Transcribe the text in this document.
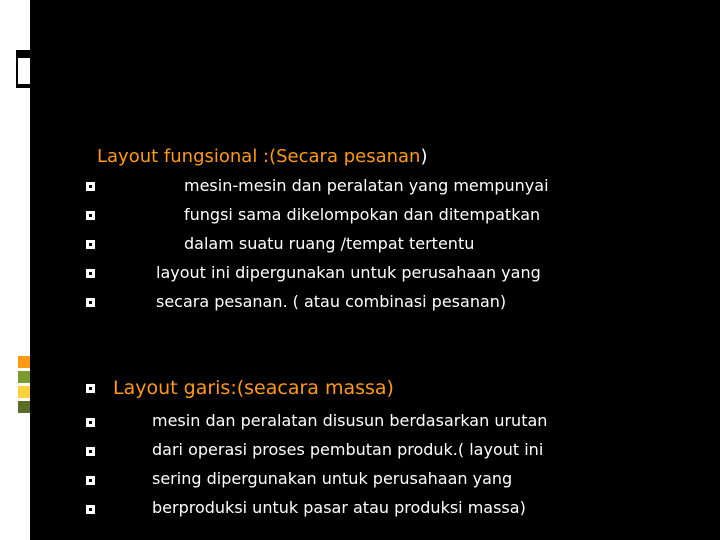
Layout fungsional :(Secara pesanan)
mesin-mesin dan peralatan yang mempunyai
fungsi sama dikelompokan dan ditempatkan
dalam suatu ruang /tempat tertentu
layout ini dipergunakan untuk perusahaan yang
secara pesanan. ( atau combinasi pesanan)
Layout garis:(seacara massa)
mesin dan peralatan disusun berdasarkan urutan
dari operasi proses pembutan produk.( layout ini
sering dipergunakan untuk perusahaan yang
berproduksi untuk pasar atau produksi massa)
